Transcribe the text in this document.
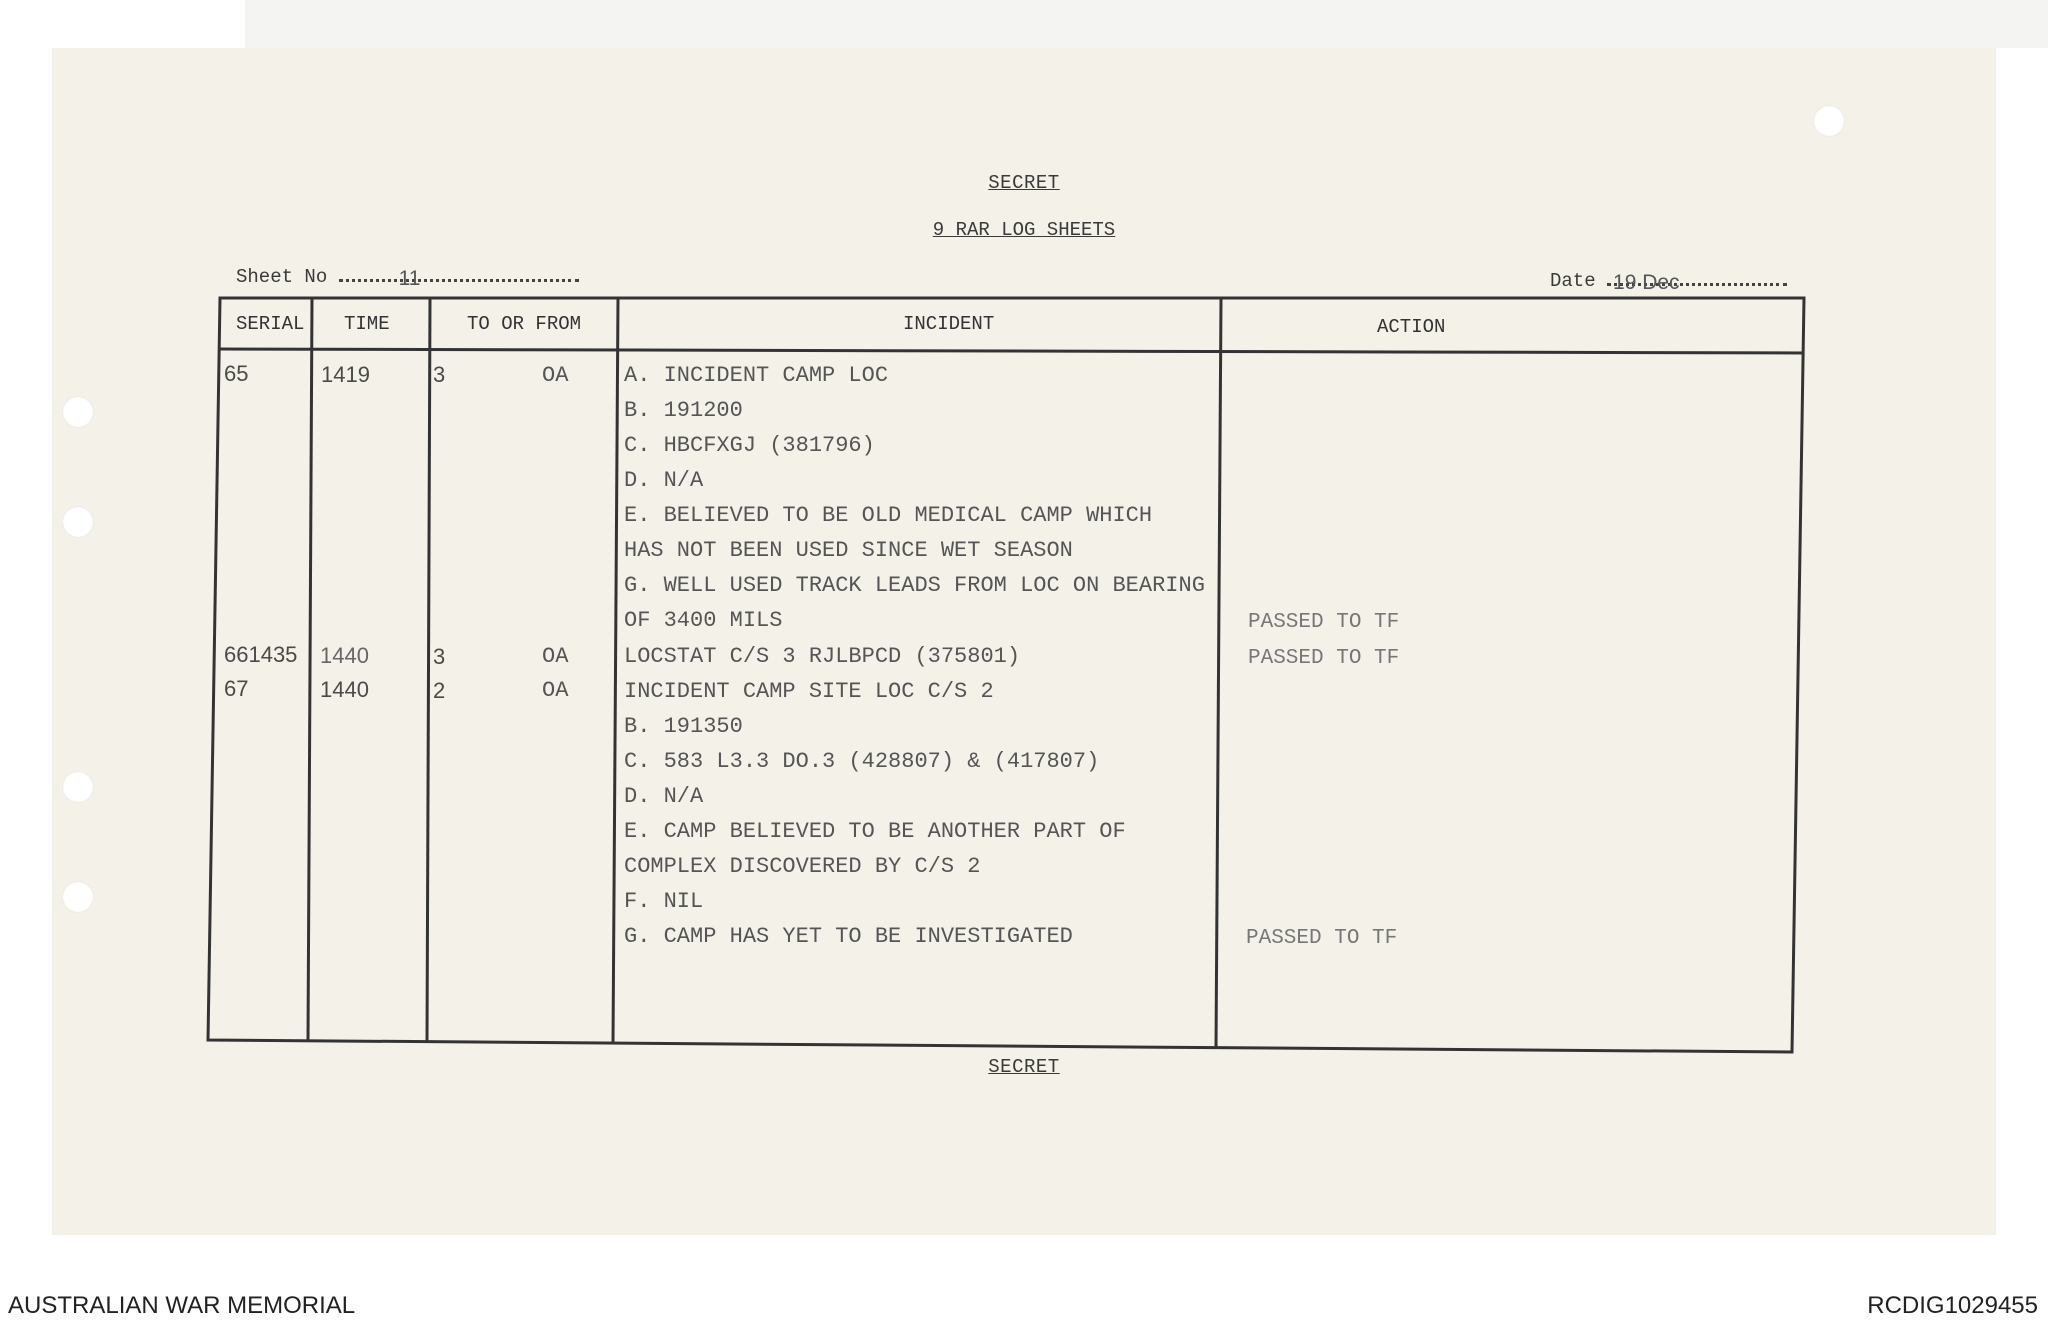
SECRET
9 RAR LOG SHEETS
Sheet No	11	Date 19 Dec
SERIAL TIME	TO OR FROM	INCIDENT	ACTION
65	1419	3	OA	A. INCIDENT CAMP LOC
B. 191200
C. HBCFXGJ (381796)
D. N/A
E. BELIEVED TO BE OLD MEDICAL CAMP WHICH
HAS NOT BEEN USED SINCE WET SEASON
G. WELL USED TRACK LEADS FROM LOC ON BEARING
OF 3400 MILS	PASSED TO TF
661435 1440	3	OA	LOCSTAT C/S 3 RJLBPCD (375801)	PASSED TO TF
67	1440	2	OA	INCIDENT CAMP SITE LOC C/S 2
B. 191350
C. 583 L3.3 DO.3 (428807) & (417807)
D. N/A
E. CAMP BELIEVED TO BE ANOTHER PART OF
COMPLEX DISCOVERED BY C/S 2
F. NIL
G. CAMP HAS YET TO BE INVESTIGATED	PASSED TO TF
SECRET
AUSTRALIAN WAR MEMORIAL	RCDIG1029455
